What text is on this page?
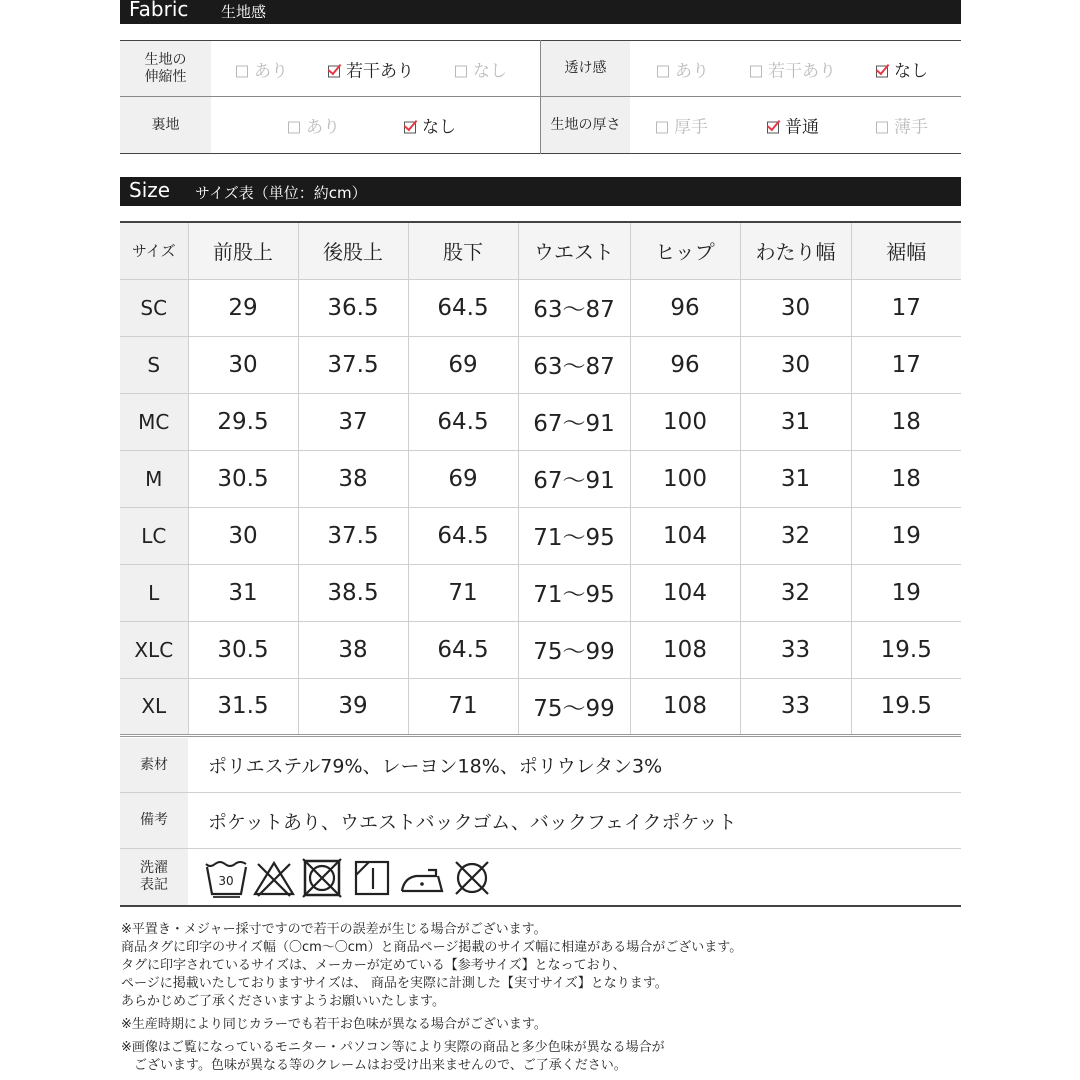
Fabric 生地感
生地の
伸縮性	あり	若干あり	なし	透け感	あり	若干あり	なし
裏地	あり	なし	生地の厚さ	厚手	普通	薄手
Size サイズ表（単位：約cm）
サイズ	前股上	後股上	股下	ウエスト	ヒップ	わたり幅	裾幅
SC	29	36.5	64.5	63〜87	96	30	17
S	30	37.5	69	63〜87	96	30	17
MC	29.5	37	64.5	67〜91	100	31	18
M	30.5	38	69	67〜91	100	31	18
LC	30	37.5	64.5	71〜95	104	32	19
L	31	38.5	71	71〜95	104	32	19
XLC	30.5	38	64.5	75〜99	108	33	19.5
XL	31.5	39	71	75〜99	108	33	19.5
素材	ポリエステル79%、レーヨン18%、ポリウレタン3%
備考	ポケットあり、ウエストバックゴム、バックフェイクポケット
洗濯
表記	30
※平置き・メジャー採寸ですので若干の誤差が生じる場合がございます。
商品タグに印字のサイズ幅（〇cm〜〇cm）と商品ページ掲載のサイズ幅に相違がある場合がございます。
タグに印字されているサイズは、メーカーが定めている【参考サイズ】となっており、
ページに掲載いたしておりますサイズは、 商品を実際に計測した【実寸サイズ】となります。
あらかじめご了承くださいますようお願いいたします。
※生産時期により同じカラーでも若干お色味が異なる場合がございます。
※画像はご覧になっているモニター・パソコン等により実際の商品と多少色味が異なる場合が
　ございます。色味が異なる等のクレームはお受け出来ませんので、ご了承ください。
